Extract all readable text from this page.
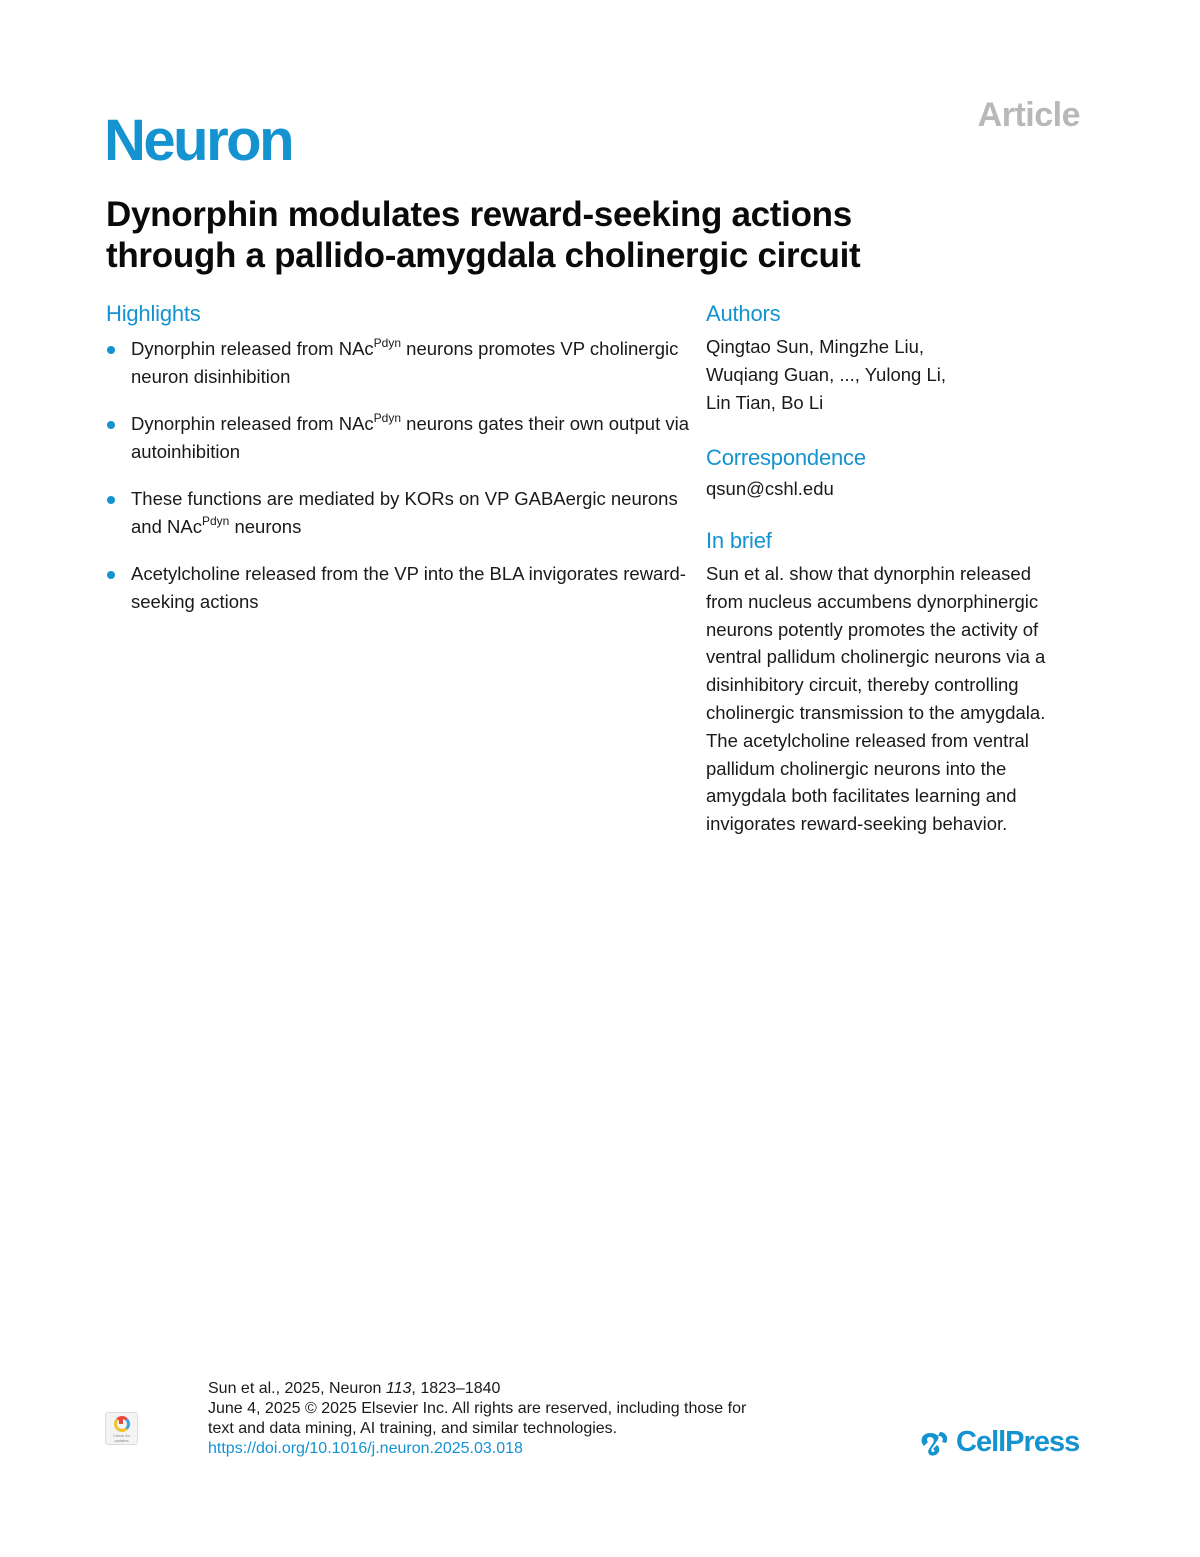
Article
Neuron
Dynorphin modulates reward-seeking actions
through a pallido-amygdala cholinergic circuit
Highlights
Dynorphin released from NAc$^{Pdyn}$ neurons promotes VP cholinergic neuron disinhibition
Dynorphin released from NAc$^{Pdyn}$ neurons gates their own output via autoinhibition
These functions are mediated by KORs on VP GABAergic neurons and NAc$^{Pdyn}$ neurons
Acetylcholine released from the VP into the BLA invigorates reward-seeking actions
Authors
Qingtao Sun, Mingzhe Liu,
Wuqiang Guan, ..., Yulong Li,
Lin Tian, Bo Li
Correspondence
qsun@cshl.edu
In brief
Sun et al. show that dynorphin released
from nucleus accumbens dynorphinergic
neurons potently promotes the activity of
ventral pallidum cholinergic neurons via a
disinhibitory circuit, thereby controlling
cholinergic transmission to the amygdala.
The acetylcholine released from ventral
pallidum cholinergic neurons into the
amygdala both facilitates learning and
invigorates reward-seeking behavior.
Check for updates
Sun et al., 2025, Neuron 113, 1823–1840
June 4, 2025 © 2025 Elsevier Inc. All rights are reserved, including those for
text and data mining, AI training, and similar technologies.
https://doi.org/10.1016/j.neuron.2025.03.018	CellPress
